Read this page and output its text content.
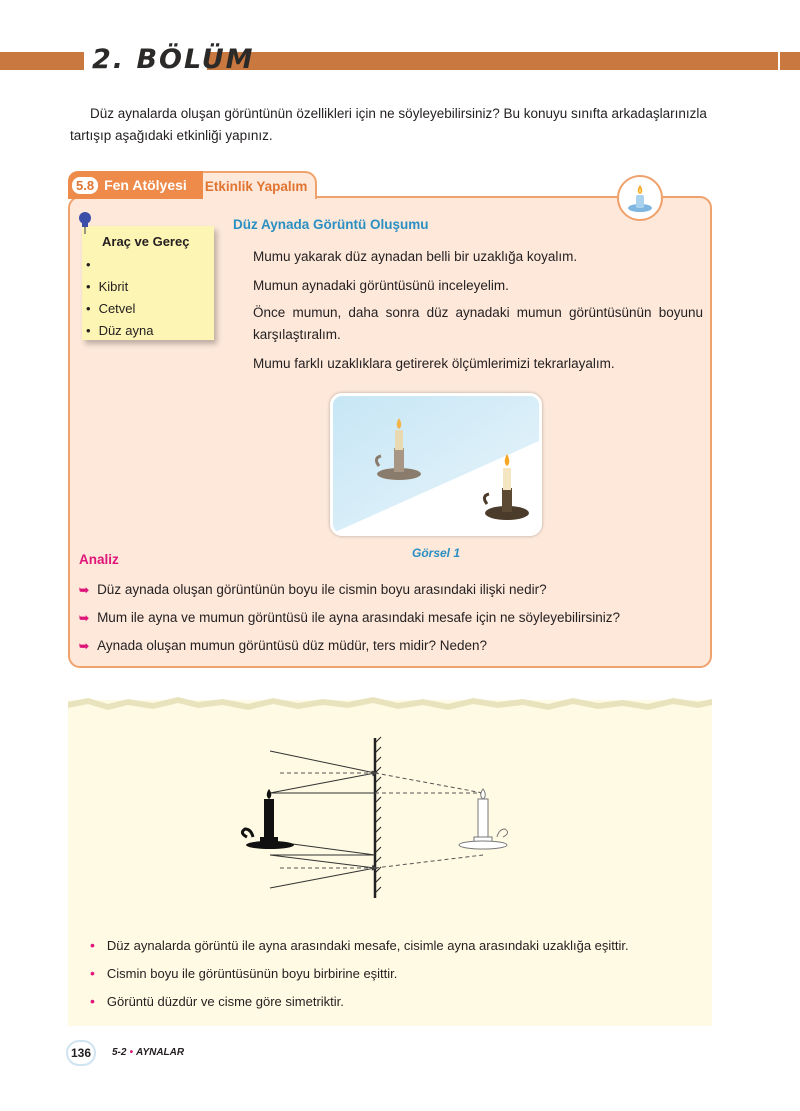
2. BÖLÜM

Düz aynalarda oluşan görüntünün özellikleri için ne söyleyebilirsiniz? Bu konuyu sınıfta arkadaşlarınızla tartışıp aşağıdaki etkinliği yapınız.

5.8 Fen Atölyesi	Etkinlik Yapalım
Araç ve Gereç
•
• Kibrit
• Cetvel
• Düz ayna
Düz Aynada Görüntü Oluşumu

Mumu yakarak düz aynadan belli bir uzaklığa koyalım.

Mumun aynadaki görüntüsünü inceleyelim.

Önce mumun, daha sonra düz aynadaki mumun görüntüsünün boyunu karşılaştıralım.

Mumu farklı uzaklıklara getirerek ölçümlerimizi tekrarlayalım.

Görsel 1
Analiz
➥ Düz aynada oluşan görüntünün boyu ile cismin boyu arasındaki ilişki nedir?
➥ Mum ile ayna ve mumun görüntüsü ile ayna arasındaki mesafe için ne söyleyebilirsiniz?
➥ Aynada oluşan mumun görüntüsü düz müdür, ters midir? Neden?
• Düz aynalarda görüntü ile ayna arasındaki mesafe, cisimle ayna arasındaki uzaklığa eşittir.
• Cismin boyu ile görüntüsünün boyu birbirine eşittir.
• Görüntü düzdür ve cisme göre simetriktir.
136	5-2 • AYNALAR
